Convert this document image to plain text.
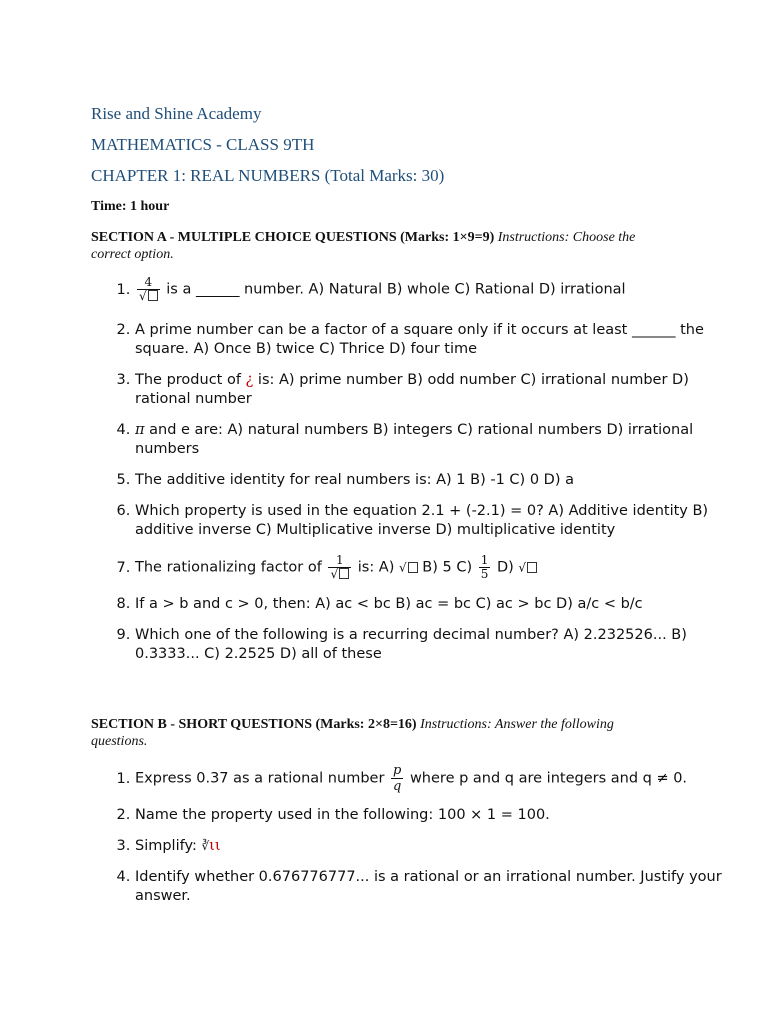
Rise and Shine Academy
MATHEMATICS - CLASS 9TH
CHAPTER 1: REAL NUMBERS (Total Marks: 30)
Time: 1 hour
SECTION A - MULTIPLE CHOICE QUESTIONS (Marks: 1×9=9) Instructions: Choose the correct option.
1. $\frac{4}{√}$ is a ______ number. A) Natural B) whole C) Rational D) irrational
2. A prime number can be a factor of a square only if it occurs at least ______ the square. A) Once B) twice C) Thrice D) four time
3. The product of ¿ is: A) prime number B) odd number C) irrational number D) rational number
4. π and e are: A) natural numbers B) integers C) rational numbers D) irrational numbers
5. The additive identity for real numbers is: A) 1 B) -1 C) 0 D) a
6. Which property is used in the equation 2.1 + (-2.1) = 0? A) Additive identity B) additive inverse C) Multiplicative inverse D) multiplicative identity
7. The rationalizing factor of $\frac{1}{√}$ is: A) √ B) 5 $C) \frac{1}{5} D$) √
8. If a > b and c > 0, then: A) ac < bc B) ac = bc C) ac > bc D) a/c < b/c
9. Which one of the following is a recurring decimal number? A) 2.232526... B) 0.3333... C) 2.2525 D) all of these
SECTION B - SHORT QUESTIONS (Marks: 2×8=16) Instructions: Answer the following questions.
1. Express 0.37 as a rational number $\frac{p}{q}$ where p and q are integers and q ≠ 0.
2. Name the property used in the following: 100 × 1 = 100.
3. Simplify: ∛ιι
4. Identify whether 0.676776777... is a rational or an irrational number. Justify your answer.
